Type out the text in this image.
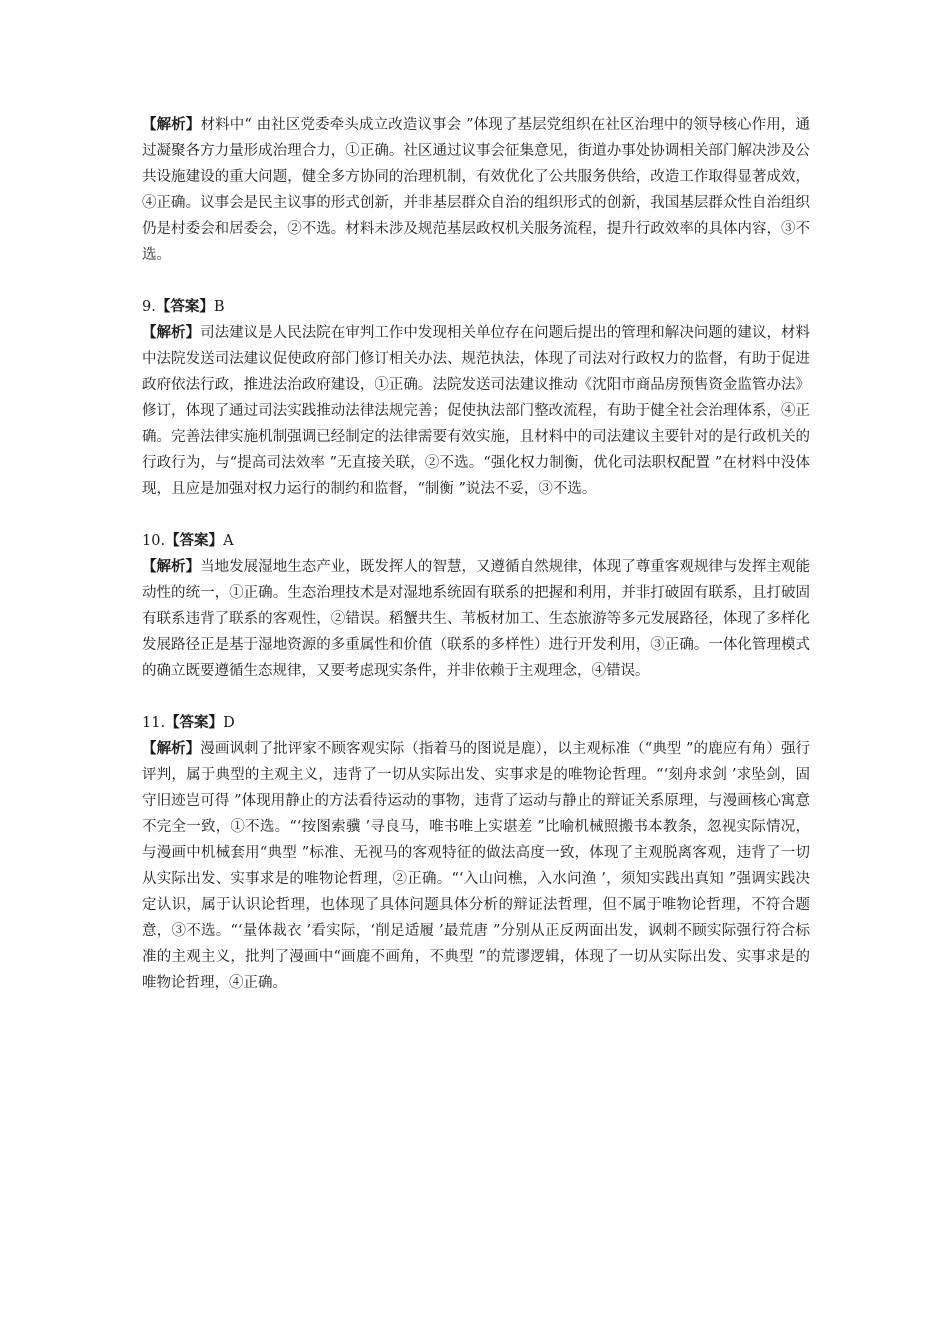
【解析】材料中“ 由社区党委牵头成立改造议事会 ”体现了基层党组织在社区治理中的领导核心作用，通过凝聚各方力量形成治理合力，①正确。社区通过议事会征集意见，街道办事处协调相关部门解决涉及公共设施建设的重大问题，健全多方协同的治理机制，有效优化了公共服务供给，改造工作取得显著成效，④正确。议事会是民主议事的形式创新，并非基层群众自治的组织形式的创新，我国基层群众性自治组织仍是村委会和居委会，②不选。材料未涉及规范基层政权机关服务流程，提升行政效率的具体内容，③不选。

9.【答案】B

【解析】司法建议是人民法院在审判工作中发现相关单位存在问题后提出的管理和解决问题的建议，材料中法院发送司法建议促使政府部门修订相关办法、规范执法，体现了司法对行政权力的监督，有助于促进政府依法行政，推进法治政府建设，①正确。法院发送司法建议推动《沈阳市商品房预售资金监管办法》修订，体现了通过司法实践推动法律法规完善；促使执法部门整改流程，有助于健全社会治理体系，④正确。完善法律实施机制强调已经制定的法律需要有效实施，且材料中的司法建议主要针对的是行政机关的行政行为，与“提高司法效率 ”无直接关联，②不选。“强化权力制衡，优化司法职权配置 ”在材料中没体现，且应是加强对权力运行的制约和监督，“制衡 ”说法不妥，③不选。

10.【答案】A

【解析】当地发展湿地生态产业，既发挥人的智慧，又遵循自然规律，体现了尊重客观规律与发挥主观能动性的统一，①正确。生态治理技术是对湿地系统固有联系的把握和利用，并非打破固有联系，且打破固有联系违背了联系的客观性，②错误。稻蟹共生、苇板材加工、生态旅游等多元发展路径，体现了多样化发展路径正是基于湿地资源的多重属性和价值（联系的多样性）进行开发利用，③正确。一体化管理模式的确立既要遵循生态规律，又要考虑现实条件，并非依赖于主观理念，④错误。

11.【答案】D

【解析】漫画讽刺了批评家不顾客观实际（指着马的图说是鹿），以主观标准（“典型 ”的鹿应有角）强行评判，属于典型的主观主义，违背了一切从实际出发、实事求是的唯物论哲理。“‘刻舟求剑 ’求坠剑，固守旧迹岂可得 ”体现用静止的方法看待运动的事物，违背了运动与静止的辩证关系原理，与漫画核心寓意不完全一致，①不选。“‘按图索骥 ’寻良马，唯书唯上实堪差 ”比喻机械照搬书本教条，忽视实际情况，与漫画中机械套用“典型 ”标准、无视马的客观特征的做法高度一致，体现了主观脱离客观，违背了一切从实际出发、实事求是的唯物论哲理，②正确。“‘入山问樵，入水问渔 ’，须知实践出真知 ”强调实践决定认识，属于认识论哲理，也体现了具体问题具体分析的辩证法哲理，但不属于唯物论哲理，不符合题意，③不选。“‘量体裁衣 ’看实际，‘削足适履 ’最荒唐 ”分别从正反两面出发，讽刺不顾实际强行符合标准的主观主义，批判了漫画中“画鹿不画角，不典型 ”的荒谬逻辑，体现了一切从实际出发、实事求是的唯物论哲理，④正确。
